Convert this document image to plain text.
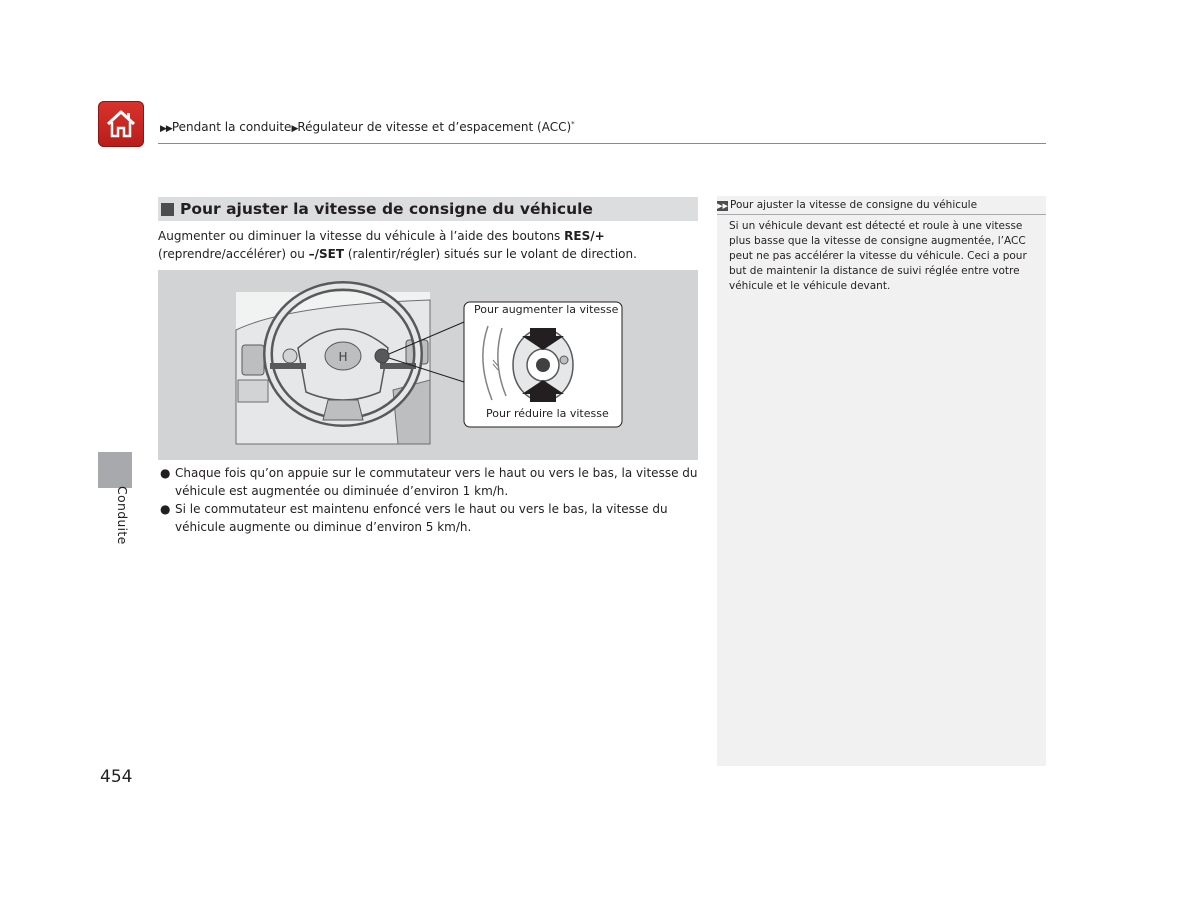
▶▶Pendant la conduite▶Régulateur de vitesse et d’espacement (ACC)*
Conduite
Pour ajuster la vitesse de consigne du véhicule
Augmenter ou diminuer la vitesse du véhicule à l’aide des boutons RES/+ (reprendre/accélérer) ou –/SET (ralentir/régler) situés sur le volant de direction.
H
Pour augmenter la vitesse
Pour réduire la vitesse
● Chaque fois qu’on appuie sur le commutateur vers le haut ou vers le bas, la vitesse du véhicule est augmentée ou diminuée d’environ 1 km/h.
● Si le commutateur est maintenu enfoncé vers le haut ou vers le bas, la vitesse du véhicule augmente ou diminue d’environ 5 km/h.
▶▶ Pour ajuster la vitesse de consigne du véhicule
Si un véhicule devant est détecté et roule à une vitesse plus basse que la vitesse de consigne augmentée, l’ACC peut ne pas accélérer la vitesse du véhicule. Ceci a pour but de maintenir la distance de suivi réglée entre votre véhicule et le véhicule devant.
454
